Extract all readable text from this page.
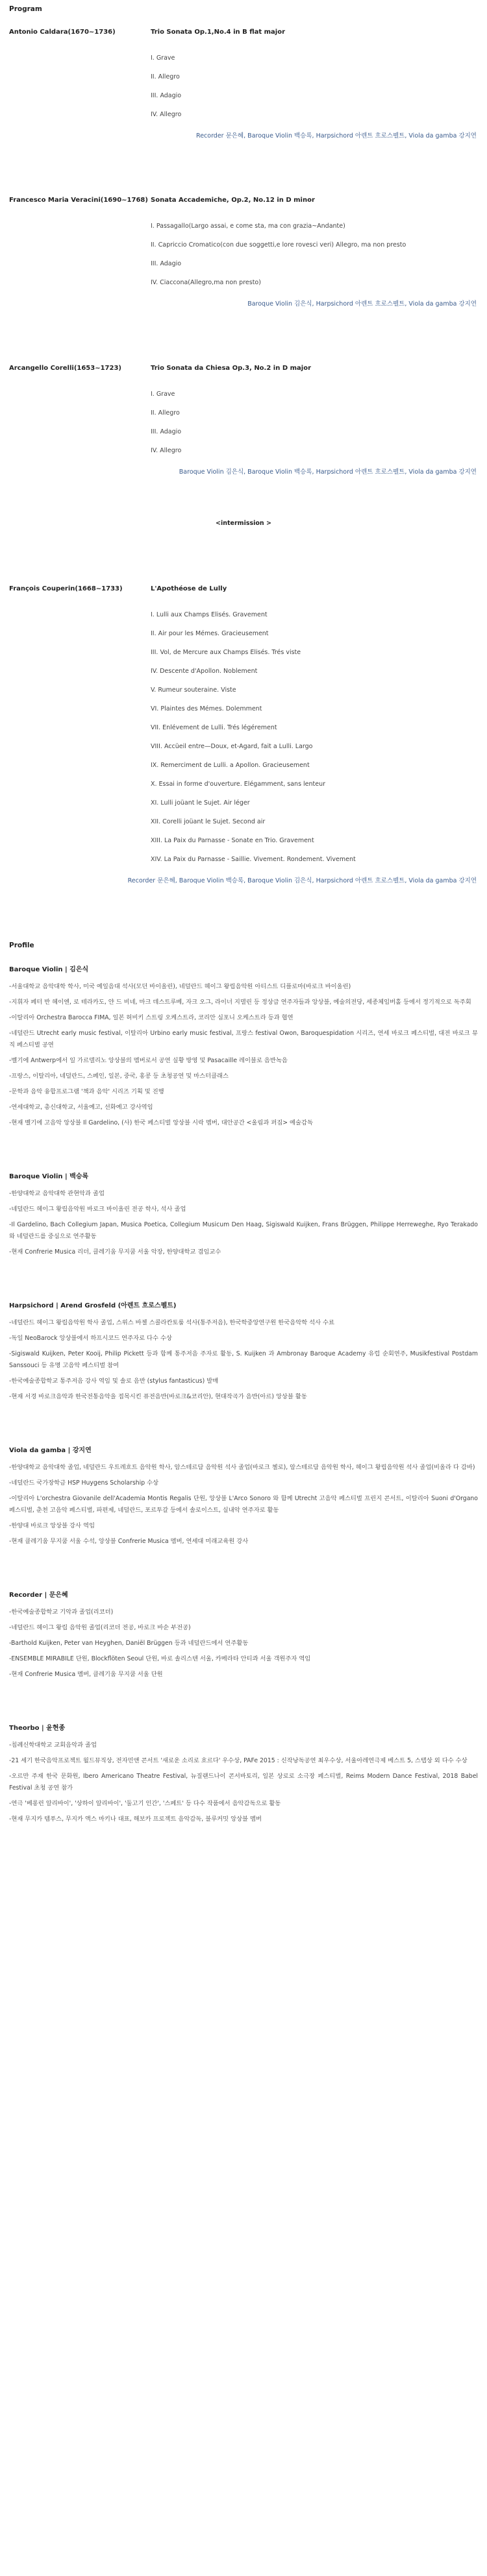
Program
Antonio Caldara(1670~1736)	Trio Sonata Op.1,No.4 in B flat major
I. Grave
II. Allegro
III. Adagio
IV. Allegro
Recorder 문은혜, Baroque Violin 백승록, Harpsichord 아렌트 흐로스펠트, Viola da gamba 강지연
Francesco Maria Veracini(1690~1768) Sonata Accademiche, Op.2, No.12 in D minor
I. Passagallo(Largo assai, e come sta, ma con grazia~Andante)
II. Capriccio Cromatico(con due soggetti,e lore rovesci veri) Allegro, ma non presto
III. Adagio
IV. Ciaccona(Allegro,ma non presto)
Baroque Violin 김은식, Harpsichord 아렌트 흐로스펠트, Viola da gamba 강지연
Arcangello Corelli(1653~1723)	Trio Sonata da Chiesa Op.3, No.2 in D major
I. Grave
II. Allegro
III. Adagio
IV. Allegro
Baroque Violin 김은식, Baroque Violin 백승록, Harpsichord 아렌트 흐로스펠트, Viola da gamba 강지연
<intermission >
François Couperin(1668~1733)	L'Apothéose de Lully
I. Lulli aux Champs Elisés. Gravement
II. Air pour les Mémes. Gracieusement
III. Vol, de Mercure aux Champs Elisés. Trés viste
IV. Descente d'Apollon. Noblement
V. Rumeur souteraine. Viste
VI. Plaintes des Mémes. Dolemment
VII. Enlévement de Lulli. Trés légérement
VIII. Accüeil entre—Doux, et-Agard, fait a Lulli. Largo
IX. Remerciment de Lulli. a Apollon. Gracieusement
X. Essai in forme d'ouverture. Elégamment, sans lenteur
XI. Lulli joüant le Sujet. Air léger
XII. Corelli joüant le Sujet. Second air
XIII. La Paix du Parnasse - Sonate en Trio. Gravement
XIV. La Paix du Parnasse - Saillie. Vivement. Rondement. Vivement
Recorder 문은혜, Baroque Violin 백승록, Baroque Violin 김은식, Harpsichord 아렌트 흐로스펠트, Viola da gamba 강지연
Profile
Baroque Violin | 김은식
-서울대학교 음악대학 학사, 미국 예일음대 석사(모던 바이올린), 네덜란드 헤이그 왕립음악원 아티스트 디플로마(바로크 바이올린)
-지휘자 페터 반 헤이엔, 로 테라카도, 얀 드 비네, 마크 데스트루베, 자크 오그, 라이너 지델린 등 정상급 연주자들과 앙상블, 예술의전당, 세종체임버홀 등에서 정기적으로 독주회
-이탈리아 Orchestra Barocca FIMA, 일본 허비키 스트링 오케스트라, 코리안 심포니 오케스트라 등과 협연
-네덜란드 Utrecht early music festival, 이탈리아 Urbino early music festival, 프랑스 festival Owon, Baroquespidation 시리즈, 연세 바로크 페스티벌, 대전 바로크 뮤직 페스티벌 공연
-벨기에 Antwerp에서 일 가르델리노 앙상블의 멤버로서 공연 실황 방영 및 Pasacaille 레이블로 음반녹음
-프랑스, 이탈리아, 네덜란드, 스페인, 일본, 중국, 홍콩 등 초청공연 및 마스터클래스
-문학과 음악 융합프로그램 '책과 음악' 시리즈 기획 및 진행
-연세대학교, 총신대학교, 서울예고, 선화예고 강사역임
-현재 벨기에 고음악 앙상블 Il Gardelino, (사) 한국 페스티벌 앙상블 시락 멤버, 대안공간 <울림과 퍼짐> 예술감독
Baroque Violin | 백승록
-한양대학교 음악대학 관현악과 졸업
-네덜란드 헤이그 왕립음악원 바로크 바이올린 전공 학사, 석사 졸업
-Il Gardelino, Bach Collegium Japan, Musica Poetica, Collegium Musicum Den Haag, Sigiswald Kuijken, Frans Brüggen, Philippe Herreweghe, Ryo Terakado 와 네덜란드를 중심으로 연주활동
-현재 Confrerie Musica 리더, 클레기움 무지쿰 서울 악장, 한양대학교 겸임교수
Harpsichord | Arend Grosfeld (아렌트 흐로스펠트)
-네덜란드 헤이그 왕립음악원 학사 졸업, 스위스 바젤 스콜라칸토룸 석사(통주저음), 한국학중앙연구원 한국음악학 석사 수료
-독일 NeoBarock 앙상블에서 하프시코드 연주자로 다수 수상
-Sigiswald Kuijken, Peter Kooij, Philip Pickett 등과 함께 통주저음 주자로 활동, S. Kuijken 과 Ambronay Baroque Academy 유럽 순회연주, Musikfestival Postdam Sanssouci 등 유명 고음악 페스티벌 참여
-한국예술종합학교 통주저음 강사 역임 및 솔로 음반 (stylus fantasticus) 발매
-현재 서경 바로크음악과 한국전통음악을 접목시킨 퓨전음반(바로크&코리안), 현대작곡가 음반(아르) 앙상블 활동
Viola da gamba | 강지연
-한양대학교 음악대학 졸업, 네덜란드 우트레흐트 음악원 학사, 암스테르담 음악원 석사 졸업(바로크 첼로), 암스테르담 음악원 학사, 헤이그 왕립음악원 석사 졸업(비올라 다 감바)
-네덜란드 국가장학금 HSP Huygens Scholarship 수상
-이탈리아 L'orchestra Giovanile dell'Academia Montis Regalis 단원, 앙상블 L'Arco Sonoro 와 함께 Utrecht 고음악 페스티벌 프린지 콘서트, 이탈리아 Suoni d'Organo 페스티벌, 춘천 고음악 페스티벌, 파편제, 네덜란드, 포르투갈 등에서 솔로이스트, 실내악 연주자로 활동
-한양대 바로크 앙상블 강사 역임
-현재 클레기움 무지쿰 서울 수석, 앙상블 Confrerie Musica 멤버, 연세대 미래교육원 강사
Recorder | 문은혜
-한국예술종합학교 기악과 졸업(리코더)
-네덜란드 헤이그 왕립 음악원 졸업(리코더 전공, 바로크 바순 부전공)
-Barthold Kuijken, Peter van Heyghen, Daniël Brüggen 등과 네덜란드에서 연주활동
-ENSEMBLE MIRABILE 단원, Blockflöten Seoul 단원, 바로 솔리스텐 서울, 카메라타 안티콰 서울 객원주자 역임
-현재 Confrerie Musica 멤버, 클레기움 무지쿰 서울 단원
Theorbo | 윤현종
-침례신학대학교 교회음악과 졸업
-21 세기 한국음악프로젝트 월드뮤직상, 전자민앤 콘서트 '새로운 소리로 흐르다' 우수상, PAFe 2015 : 신작낭독공연 최우수상, 서울아레연극제 베스트 5, 스탭상 외 다수 수상
-오르만 주재 한국 문화원, Ibero Americano Theatre Festival, 뉴질랜드나이 콘서바토리, 일본 상로로 소극장 페스티벌, Reims Modern Dance Festival, 2018 Babel Festival 초청 공연 참가
-연극 '베롱런 알리바이', '상하이 알리바이', '둘고기 인간', '스페트' 등 다수 작품에서 음악감독으로 활동
-현재 무지카 템푸스, 무지카 액스 마키나 대표, 해보카 프로젝트 음악감독, 블루커밋 앙상블 멤버
